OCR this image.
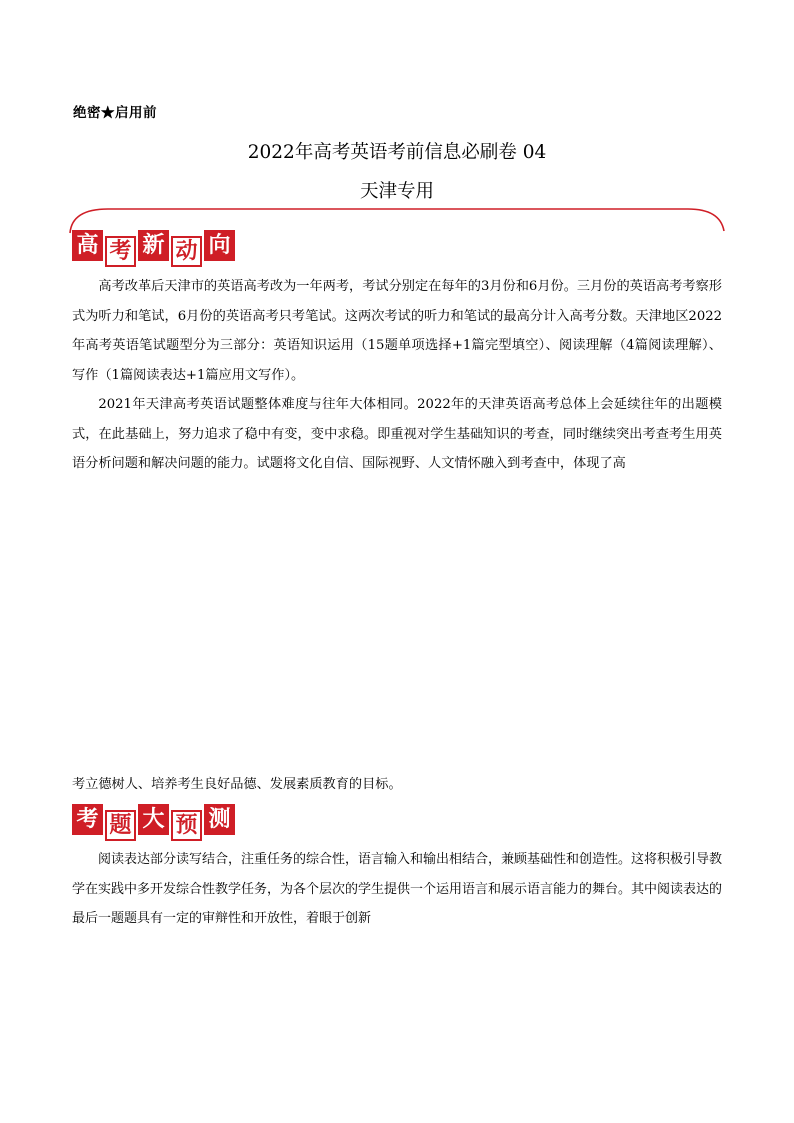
绝密★启用前
2022年高考英语考前信息必刷卷 04
天津专用
高 考 新 动 向

高考改革后天津市的英语高考改为一年两考，考试分别定在每年的3月份和6月份。三月份的英语高考考察形式为听力和笔试，6月份的英语高考只考笔试。这两次考试的听力和笔试的最高分计入高考分数。天津地区2022年高考英语笔试题型分为三部分：英语知识运用（15题单项选择+1篇完型填空）、阅读理解（4篇阅读理解）、写作（1篇阅读表达+1篇应用文写作）。

2021年天津高考英语试题整体难度与往年大体相同。2022年的天津英语高考总体上会延续往年的出题模式，在此基础上，努力追求了稳中有变，变中求稳。即重视对学生基础知识的考查，同时继续突出考查考生用英语分析问题和解决问题的能力。试题将文化自信、国际视野、人文情怀融入到考查中，体现了高

考立德树人、培养考生良好品德、发展素质教育的目标。

考 题 大 预 测

阅读表达部分读写结合，注重任务的综合性，语言输入和输出相结合，兼顾基础性和创造性。这将积极引导教学在实践中多开发综合性教学任务，为各个层次的学生提供一个运用语言和展示语言能力的舞台。其中阅读表达的最后一题题具有一定的审辩性和开放性，着眼于创新
